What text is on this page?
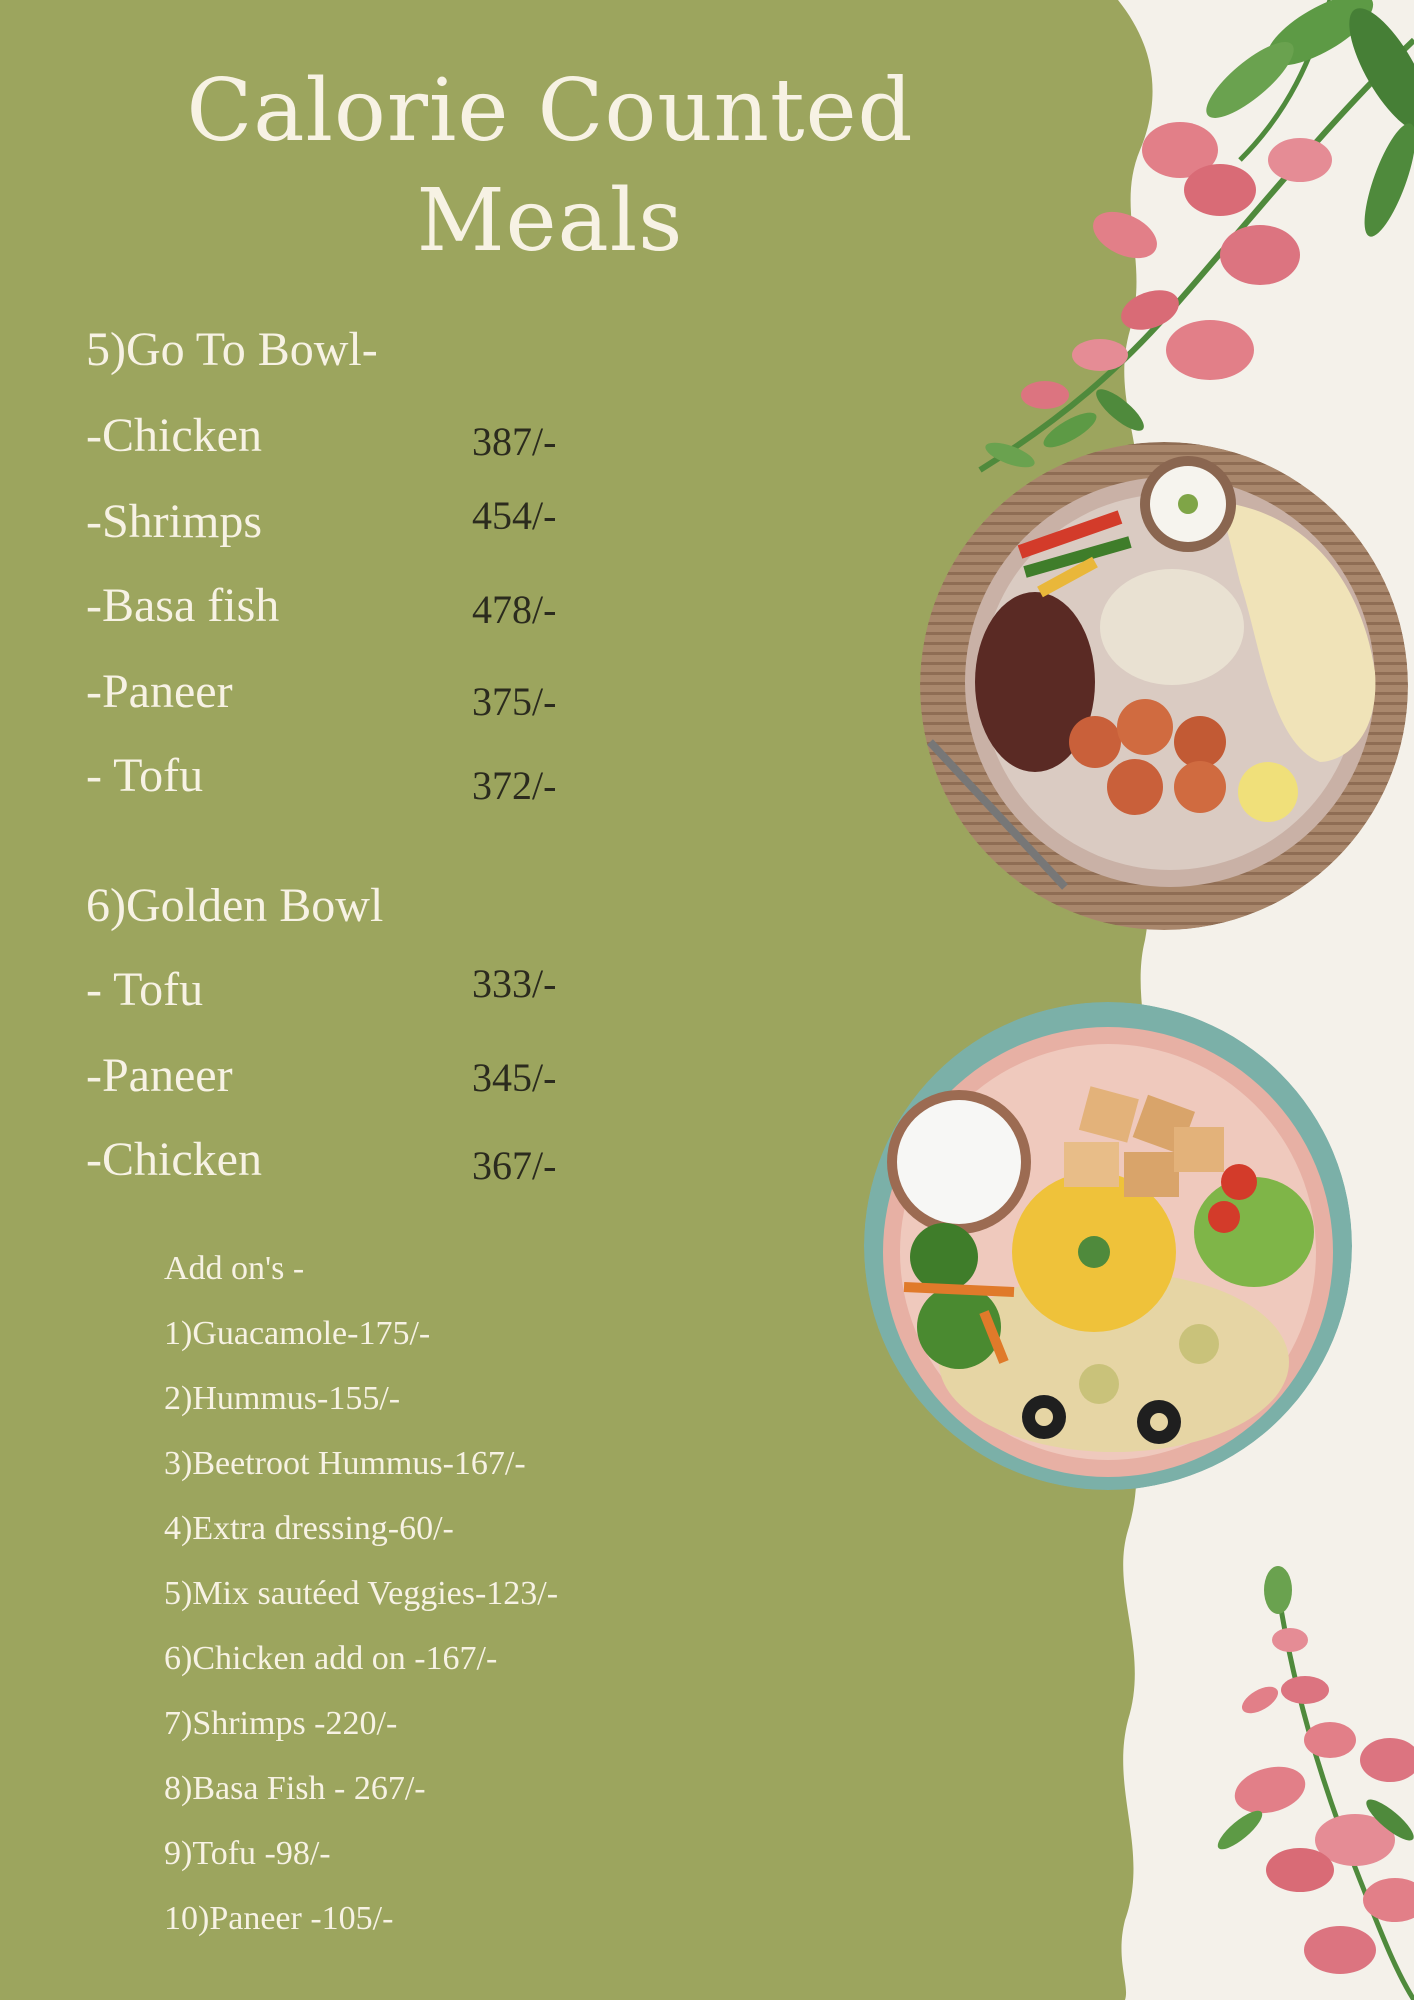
Calorie Counted
Meals
5)Go To Bowl-
-Chicken	387/-
-Shrimps	454/-
-Basa fish	478/-
-Paneer	375/-
- Tofu	372/-
6)Golden Bowl
- Tofu	333/-
-Paneer	345/-
-Chicken	367/-
Add on's -
1)Guacamole-175/-
2)Hummus-155/-
3)Beetroot Hummus-167/-
4)Extra dressing-60/-
5)Mix sautéed Veggies-123/-
6)Chicken add on -167/-
7)Shrimps -220/-
8)Basa Fish - 267/-
9)Tofu -98/-
10)Paneer -105/-
